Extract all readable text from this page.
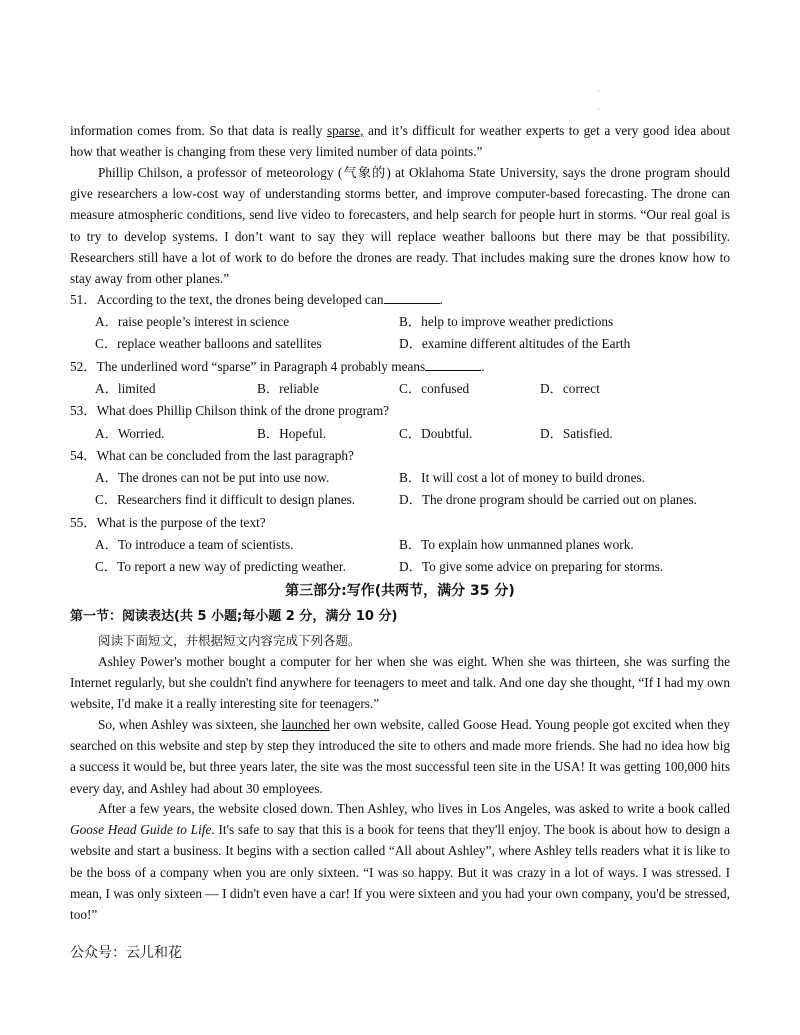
·
·
information comes from. So that data is really sparse, and it’s difficult for weather experts to get a very good idea about how that weather is changing from these very limited number of data points.”
Phillip Chilson, a professor of meteorology (气象的) at Oklahoma State University, says the drone program should give researchers a low-cost way of understanding storms better, and improve computer-based forecasting. The drone can measure atmospheric conditions, send live video to forecasters, and help search for people hurt in storms. “Our real goal is to try to develop systems. I don’t want to say they will replace weather balloons but there may be that possibility. Researchers still have a lot of work to do before the drones are ready. That includes making sure the drones know how to stay away from other planes.”
51．According to the text, the drones being developed can	.
A．raise people’s interest in science	B．help to improve weather predictions
C．replace weather balloons and satellites	D．examine different altitudes of the Earth
52．The underlined word “sparse” in Paragraph 4 probably means	.
A．limited	B．reliable	C．confused	D．correct
53．What does Phillip Chilson think of the drone program?
A．Worried.	B．Hopeful.	C．Doubtful.	D．Satisfied.
54．What can be concluded from the last paragraph?
A．The drones can not be put into use now.	B．It will cost a lot of money to build drones.
C．Researchers find it difficult to design planes.	D．The drone program should be carried out on planes.
55．What is the purpose of the text?
A．To introduce a team of scientists.	B．To explain how unmanned planes work.
C．To report a new way of predicting weather.	D．To give some advice on preparing for storms.
第三部分:写作(共两节，满分 35 分)
第一节：阅读表达(共 5 小题;每小题 2 分，满分 10 分)
阅读下面短文，并根据短文内容完成下列各题。
Ashley Power's mother bought a computer for her when she was eight. When she was thirteen, she was surfing the Internet regularly, but she couldn't find anywhere for teenagers to meet and talk. And one day she thought, “If I had my own website, I'd make it a really interesting site for teenagers.”
So, when Ashley was sixteen, she launched her own website, called Goose Head. Young people got excited when they searched on this website and step by step they introduced the site to others and made more friends. She had no idea how big a success it would be, but three years later, the site was the most successful teen site in the USA! It was getting 100,000 hits every day, and Ashley had about 30 employees.
After a few years, the website closed down. Then Ashley, who lives in Los Angeles, was asked to write a book called Goose Head Guide to Life. It's safe to say that this is a book for teens that they'll enjoy. The book is about how to design a website and start a business. It begins with a section called “All about Ashley”, where Ashley tells readers what it is like to be the boss of a company when you are only sixteen. “I was so happy. But it was crazy in a lot of ways. I was stressed. I mean, I was only sixteen — I didn't even have a car! If you were sixteen and you had your own company, you'd be stressed, too!”
公众号：云儿和花
